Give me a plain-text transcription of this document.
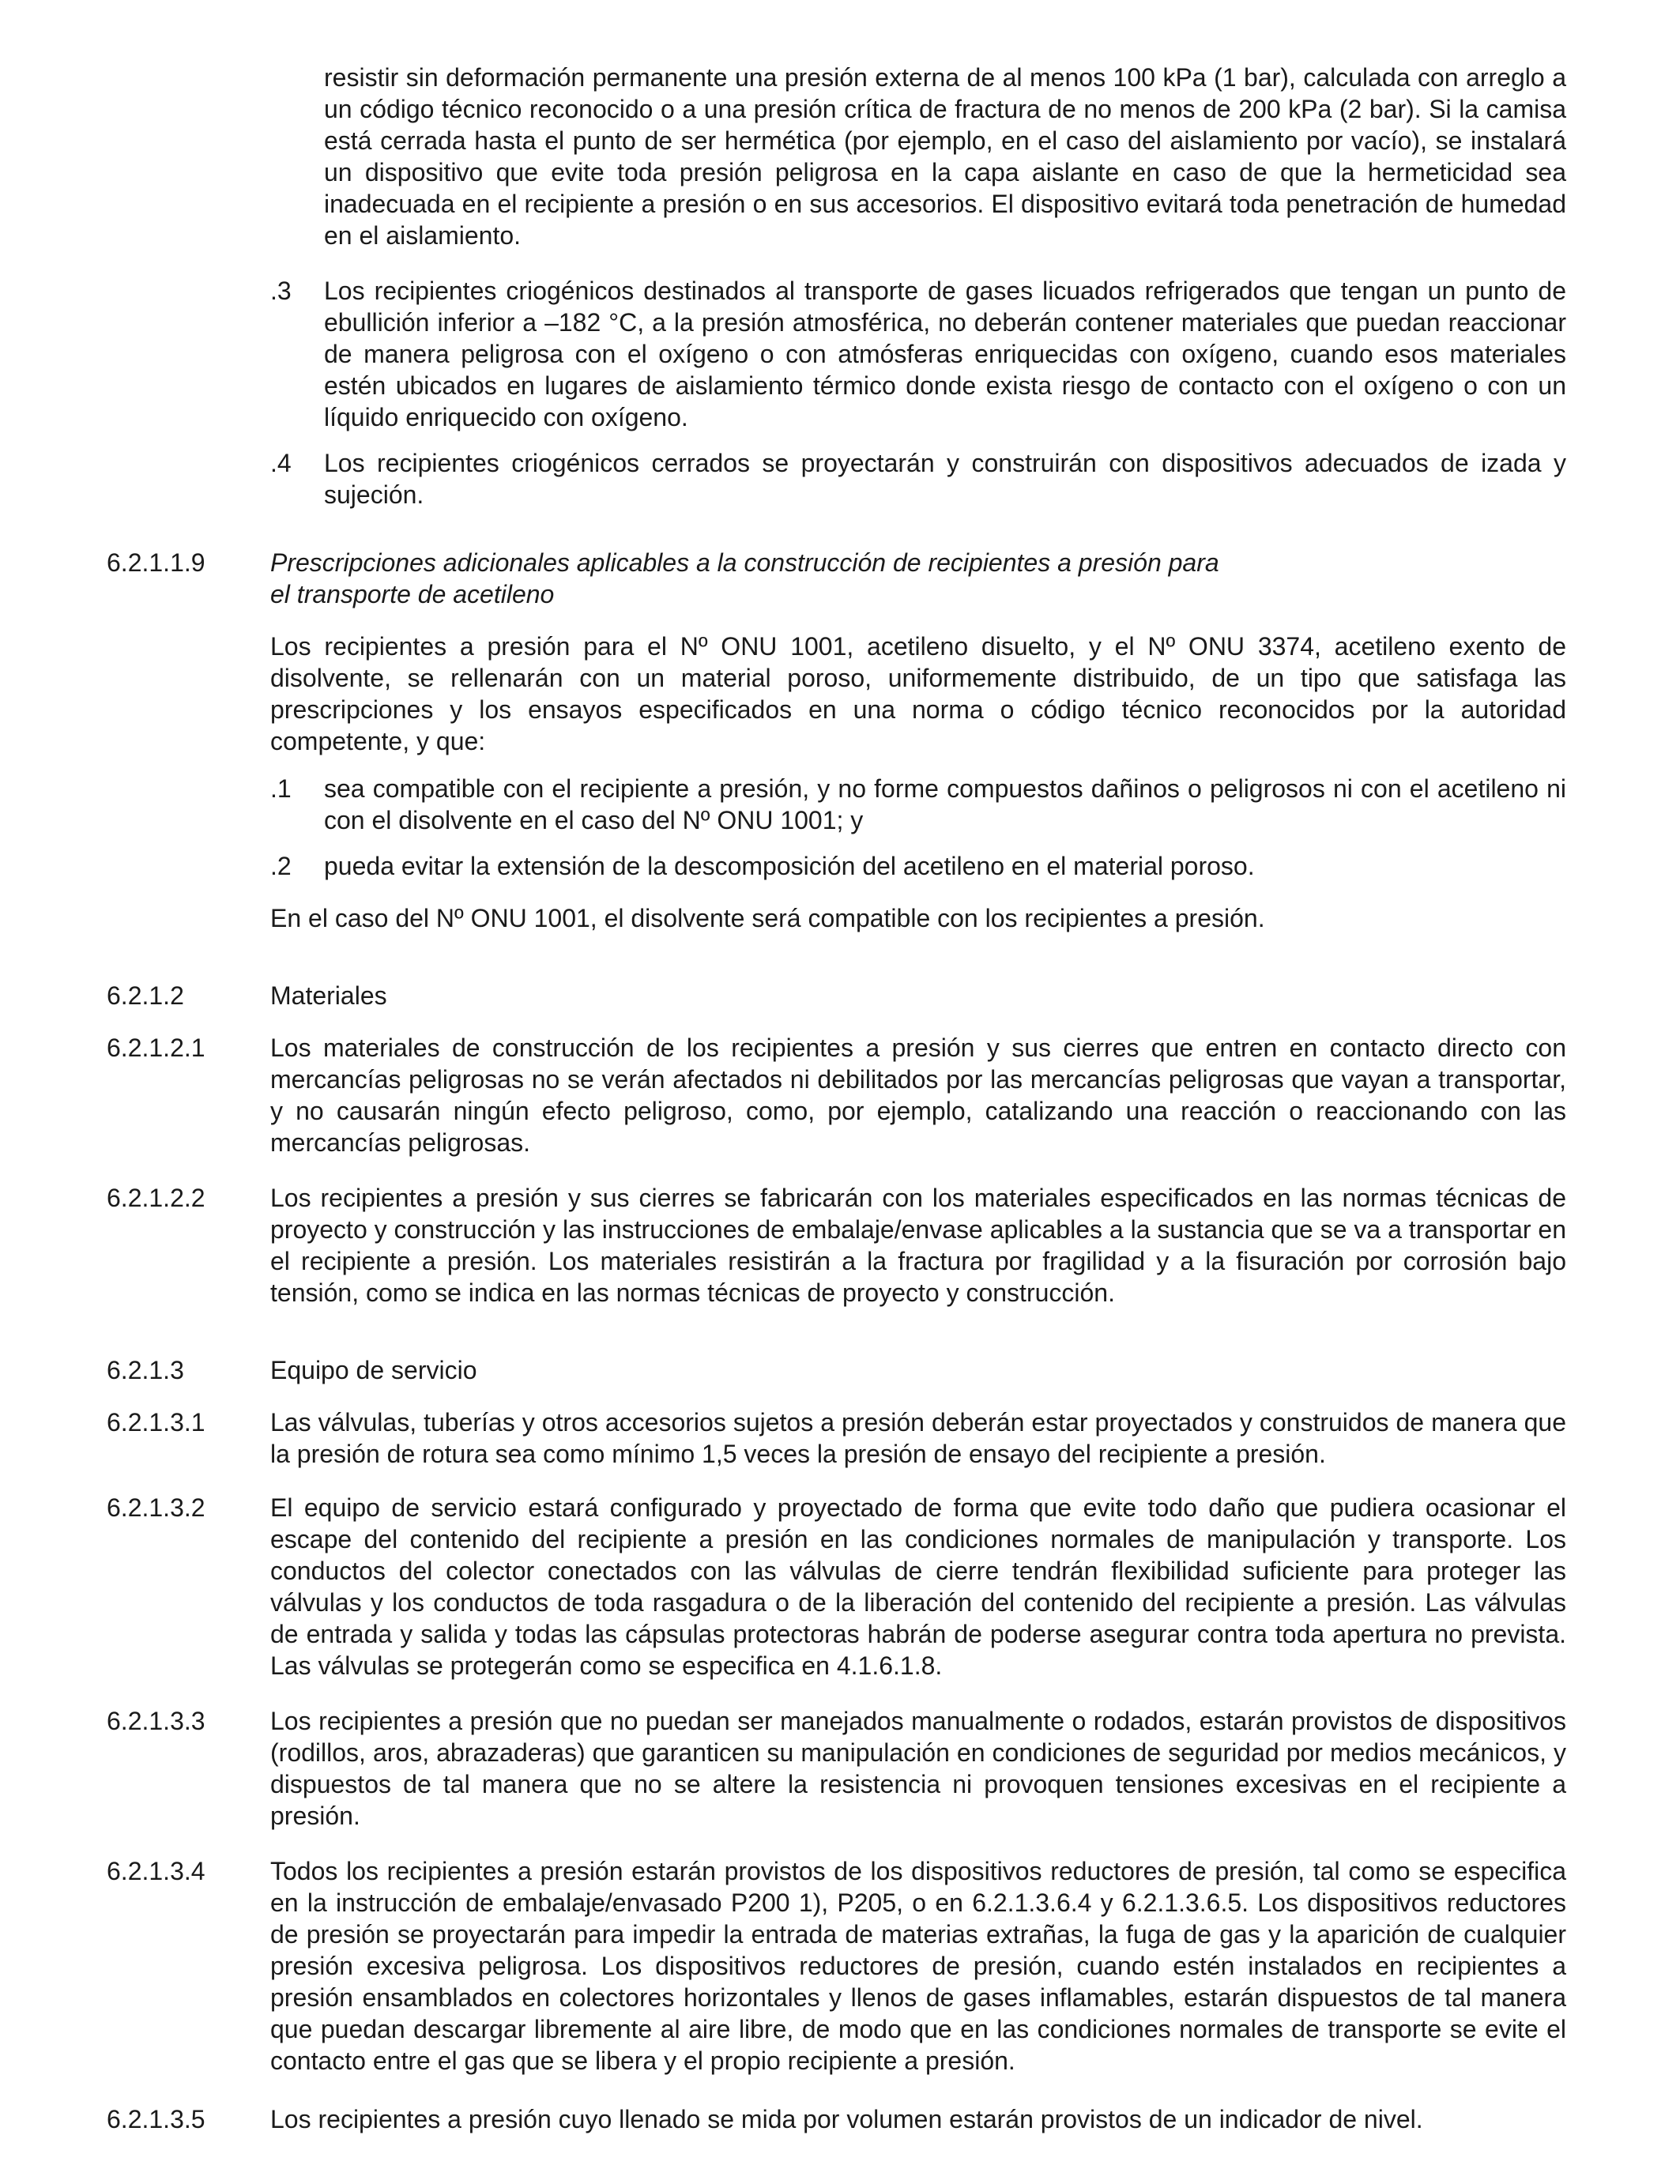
resistir sin deformación permanente una presión externa de al menos 100 kPa (1 bar), calculada con arreglo a un código técnico reconocido o a una presión crítica de fractura de no menos de 200 kPa (2 bar). Si la camisa está cerrada hasta el punto de ser hermética (por ejemplo, en el caso del aislamiento por vacío), se instalará un dispositivo que evite toda presión peligrosa en la capa aislante en caso de que la hermeticidad sea inadecuada en el recipiente a presión o en sus accesorios. El dispositivo evitará toda penetración de humedad en el aislamiento.

.3 Los recipientes criogénicos destinados al transporte de gases licuados refrigerados que tengan un punto de ebullición inferior a –182 °C, a la presión atmosférica, no deberán contener materiales que puedan reaccionar de manera peligrosa con el oxígeno o con atmósferas enriquecidas con oxígeno, cuando esos materiales estén ubicados en lugares de aislamiento térmico donde exista riesgo de contacto con el oxígeno o con un líquido enriquecido con oxígeno.

.4 Los recipientes criogénicos cerrados se proyectarán y construirán con dispositivos adecuados de izada y sujeción.

6.2.1.1.9	Prescripciones adicionales aplicables a la construcción de recipientes a presión para
el transporte de acetileno

Los recipientes a presión para el Nº ONU 1001, acetileno disuelto, y el Nº ONU 3374, acetileno exento de disolvente, se rellenarán con un material poroso, uniformemente distribuido, de un tipo que satisfaga las prescripciones y los ensayos especificados en una norma o código técnico reconocidos por la autoridad competente, y que:

.1 sea compatible con el recipiente a presión, y no forme compuestos dañinos o peligrosos ni con el acetileno ni con el disolvente en el caso del Nº ONU 1001; y

.2 pueda evitar la extensión de la descomposición del acetileno en el material poroso.

En el caso del Nº ONU 1001, el disolvente será compatible con los recipientes a presión.

6.2.1.2	Materiales
6.2.1.2.1	Los materiales de construcción de los recipientes a presión y sus cierres que entren en contacto directo con mercancías peligrosas no se verán afectados ni debilitados por las mercancías peligrosas que vayan a transportar, y no causarán ningún efecto peligroso, como, por ejemplo, catalizando una reacción o reaccionando con las mercancías peligrosas.

6.2.1.2.2	Los recipientes a presión y sus cierres se fabricarán con los materiales especificados en las normas técnicas de proyecto y construcción y las instrucciones de embalaje/envase aplicables a la sustancia que se va a transportar en el recipiente a presión. Los materiales resistirán a la fractura por fragilidad y a la fisuración por corrosión bajo tensión, como se indica en las normas técnicas de proyecto y construcción.

6.2.1.3	Equipo de servicio
6.2.1.3.1	Las válvulas, tuberías y otros accesorios sujetos a presión deberán estar proyectados y construidos de manera que la presión de rotura sea como mínimo 1,5 veces la presión de ensayo del recipiente a presión.

6.2.1.3.2	El equipo de servicio estará configurado y proyectado de forma que evite todo daño que pudiera ocasionar el escape del contenido del recipiente a presión en las condiciones normales de manipulación y transporte. Los conductos del colector conectados con las válvulas de cierre tendrán flexibilidad suficiente para proteger las válvulas y los conductos de toda rasgadura o de la liberación del contenido del recipiente a presión. Las válvulas de entrada y salida y todas las cápsulas protectoras habrán de poderse asegurar contra toda apertura no prevista. Las válvulas se protegerán como se especifica en 4.1.6.1.8.

6.2.1.3.3	Los recipientes a presión que no puedan ser manejados manualmente o rodados, estarán provistos de dispositivos (rodillos, aros, abrazaderas) que garanticen su manipulación en condiciones de seguridad por medios mecánicos, y dispuestos de tal manera que no se altere la resistencia ni provoquen tensiones excesivas en el recipiente a presión.

6.2.1.3.4	Todos los recipientes a presión estarán provistos de los dispositivos reductores de presión, tal como se especifica en la instrucción de embalaje/envasado P200 1), P205, o en 6.2.1.3.6.4 y 6.2.1.3.6.5. Los dispositivos reductores de presión se proyectarán para impedir la entrada de materias extrañas, la fuga de gas y la aparición de cualquier presión excesiva peligrosa. Los dispositivos reductores de presión, cuando estén instalados en recipientes a presión ensamblados en colectores horizontales y llenos de gases inflamables, estarán dispuestos de tal manera que puedan descargar libremente al aire libre, de modo que en las condiciones normales de transporte se evite el contacto entre el gas que se libera y el propio recipiente a presión.

6.2.1.3.5	Los recipientes a presión cuyo llenado se mida por volumen estarán provistos de un indicador de nivel.
